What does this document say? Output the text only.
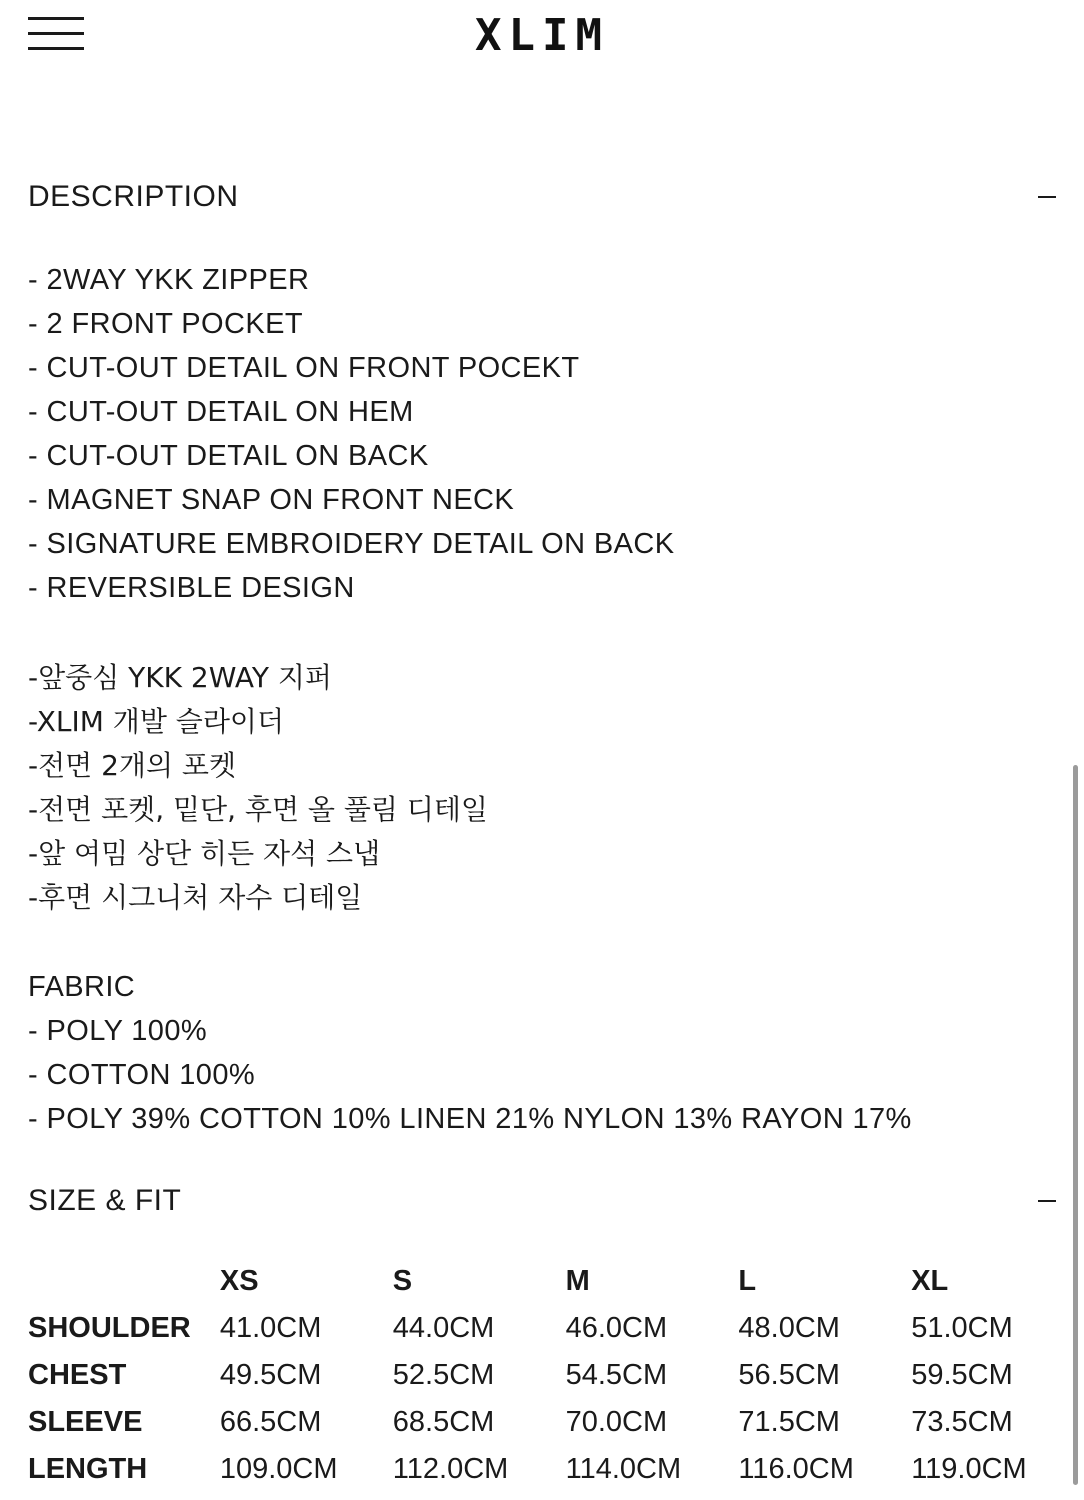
XLIM
DESCRIPTION
- 2WAY YKK ZIPPER
- 2 FRONT POCKET
- CUT-OUT DETAIL ON FRONT POCEKT
- CUT-OUT DETAIL ON HEM
- CUT-OUT DETAIL ON BACK
- MAGNET SNAP ON FRONT NECK
- SIGNATURE EMBROIDERY DETAIL ON BACK
- REVERSIBLE DESIGN
-앞중심 YKK 2WAY 지퍼
-XLIM 개발 슬라이더
-전면 2개의 포켓
-전면 포켓, 밑단, 후면 올 풀림 디테일
-앞 여밈 상단 히든 자석 스냅
-후면 시그니처 자수 디테일
FABRIC
- POLY 100%
- COTTON 100%
- POLY 39% COTTON 10% LINEN 21% NYLON 13% RAYON 17%
SIZE & FIT
	XS	S	M	L	XL
SHOULDER	41.0CM	44.0CM	46.0CM	48.0CM	51.0CM
CHEST	49.5CM	52.5CM	54.5CM	56.5CM	59.5CM
SLEEVE	66.5CM	68.5CM	70.0CM	71.5CM	73.5CM
LENGTH	109.0CM	112.0CM	114.0CM	116.0CM	119.0CM
